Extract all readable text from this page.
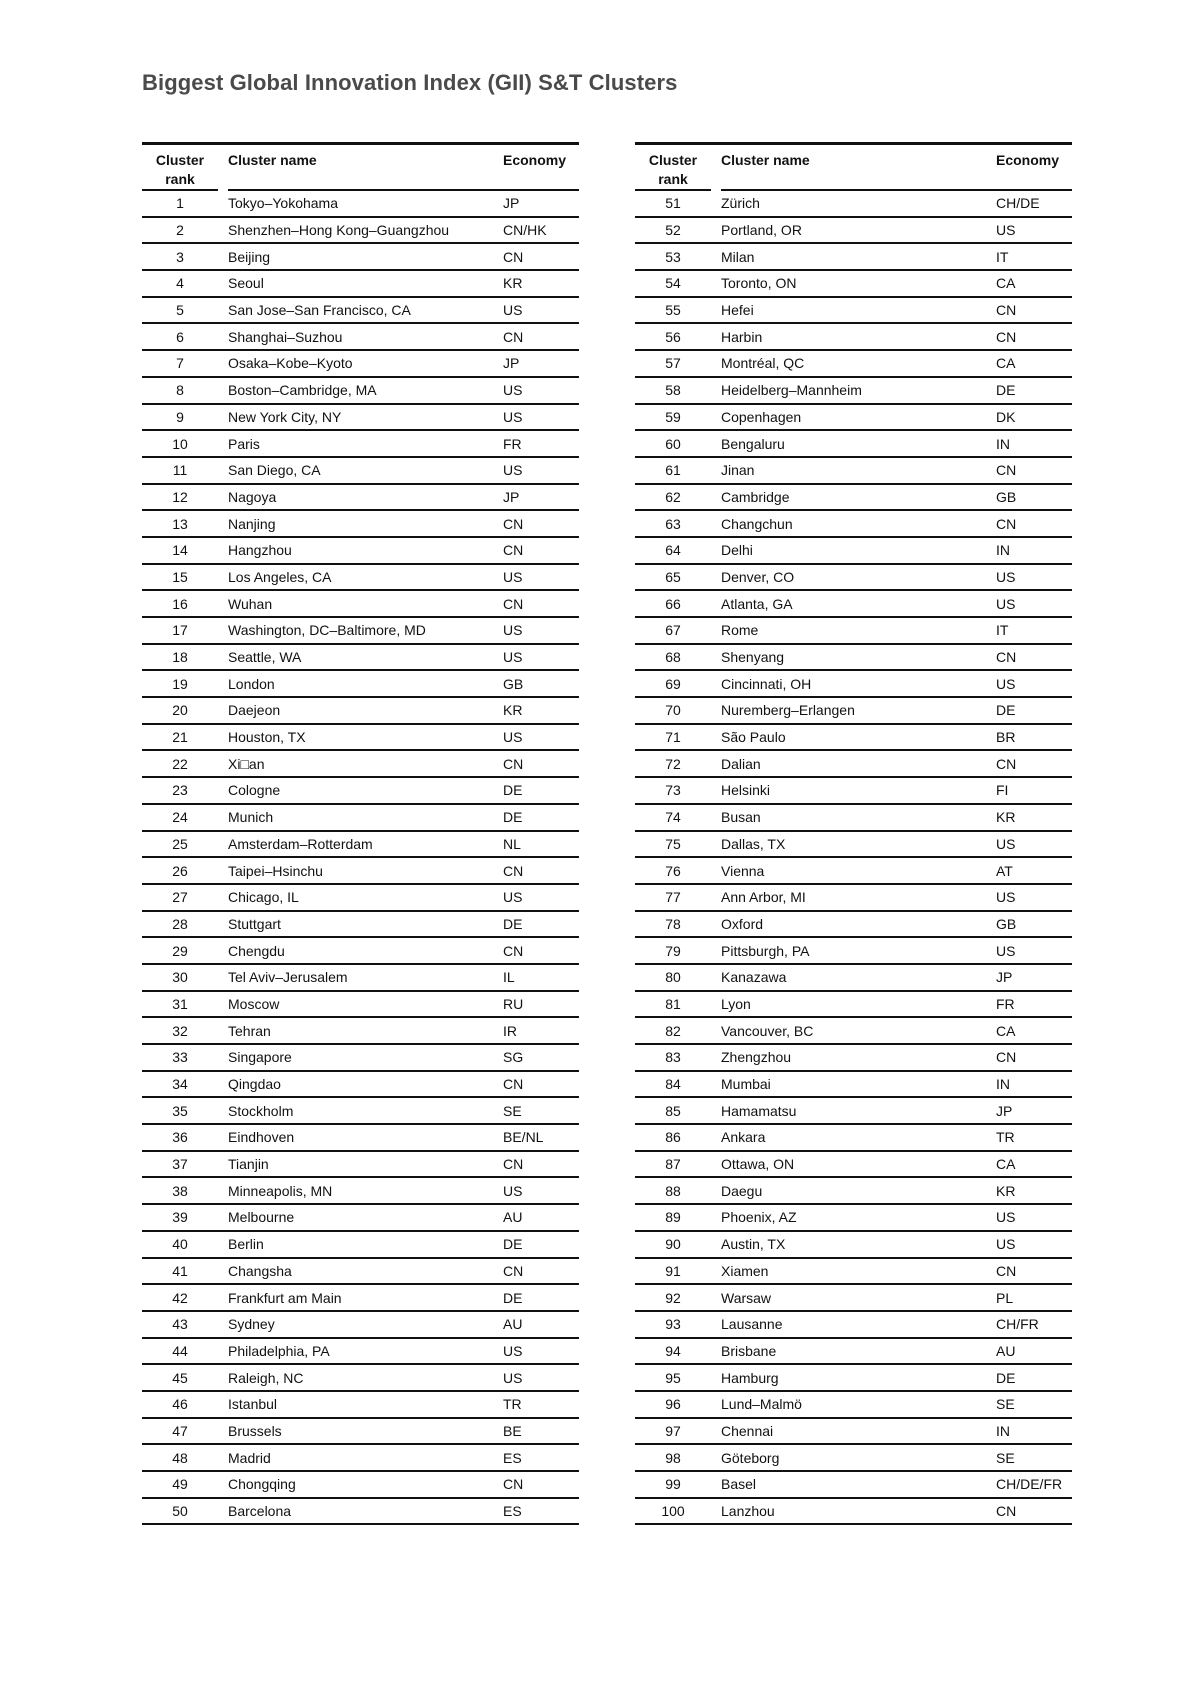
Biggest Global Innovation Index (GII) S&T Clusters
Cluster
rank		Cluster name	Economy
1		Tokyo–Yokohama	JP
2		Shenzhen–Hong Kong–Guangzhou	CN/HK
3		Beijing	CN
4		Seoul	KR
5		San Jose–San Francisco, CA	US
6		Shanghai–Suzhou	CN
7		Osaka–Kobe–Kyoto	JP
8		Boston–Cambridge, MA	US
9		New York City, NY	US
10		Paris	FR
11		San Diego, CA	US
12		Nagoya	JP
13		Nanjing	CN
14		Hangzhou	CN
15		Los Angeles, CA	US
16		Wuhan	CN
17		Washington, DC–Baltimore, MD	US
18		Seattle, WA	US
19		London	GB
20		Daejeon	KR
21		Houston, TX	US
22		Xi□an	CN
23		Cologne	DE
24		Munich	DE
25		Amsterdam–Rotterdam	NL
26		Taipei–Hsinchu	CN
27		Chicago, IL	US
28		Stuttgart	DE
29		Chengdu	CN
30		Tel Aviv–Jerusalem	IL
31		Moscow	RU
32		Tehran	IR
33		Singapore	SG
34		Qingdao	CN
35		Stockholm	SE
36		Eindhoven	BE/NL
37		Tianjin	CN
38		Minneapolis, MN	US
39		Melbourne	AU
40		Berlin	DE
41		Changsha	CN
42		Frankfurt am Main	DE
43		Sydney	AU
44		Philadelphia, PA	US
45		Raleigh, NC	US
46		Istanbul	TR
47		Brussels	BE
48		Madrid	ES
49		Chongqing	CN
50		Barcelona	ES
Cluster
rank		Cluster name	Economy
51		Zürich	CH/DE
52		Portland, OR	US
53		Milan	IT
54		Toronto, ON	CA
55		Hefei	CN
56		Harbin	CN
57		Montréal, QC	CA
58		Heidelberg–Mannheim	DE
59		Copenhagen	DK
60		Bengaluru	IN
61		Jinan	CN
62		Cambridge	GB
63		Changchun	CN
64		Delhi	IN
65		Denver, CO	US
66		Atlanta, GA	US
67		Rome	IT
68		Shenyang	CN
69		Cincinnati, OH	US
70		Nuremberg–Erlangen	DE
71		São Paulo	BR
72		Dalian	CN
73		Helsinki	FI
74		Busan	KR
75		Dallas, TX	US
76		Vienna	AT
77		Ann Arbor, MI	US
78		Oxford	GB
79		Pittsburgh, PA	US
80		Kanazawa	JP
81		Lyon	FR
82		Vancouver, BC	CA
83		Zhengzhou	CN
84		Mumbai	IN
85		Hamamatsu	JP
86		Ankara	TR
87		Ottawa, ON	CA
88		Daegu	KR
89		Phoenix, AZ	US
90		Austin, TX	US
91		Xiamen	CN
92		Warsaw	PL
93		Lausanne	CH/FR
94		Brisbane	AU
95		Hamburg	DE
96		Lund–Malmö	SE
97		Chennai	IN
98		Göteborg	SE
99		Basel	CH/DE/FR
100		Lanzhou	CN
